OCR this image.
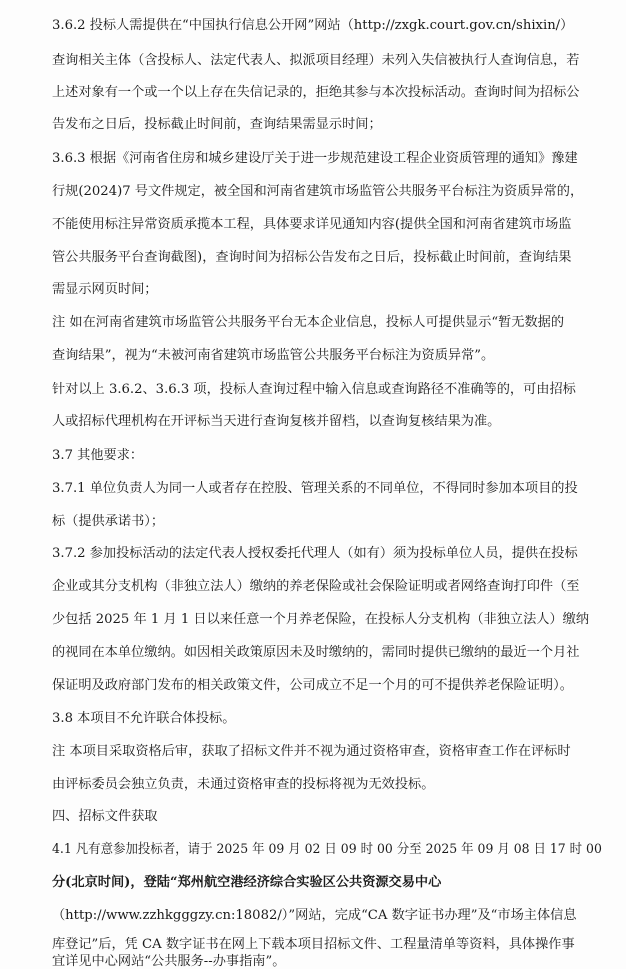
3.6.2 投标人需提供在“中国执行信息公开网”网站（http://zxgk.court.gov.cn/shixin/）
查询相关主体（含投标人、法定代表人、拟派项目经理）未列入失信被执行人查询信息，若
上述对象有一个或一个以上存在失信记录的，拒绝其参与本次投标活动。查询时间为招标公
告发布之日后，投标截止时间前，查询结果需显示时间；
3.6.3 根据《河南省住房和城乡建设厅关于进一步规范建设工程企业资质管理的通知》豫建
行规(2024)7 号文件规定，被全国和河南省建筑市场监管公共服务平台标注为资质异常的，
不能使用标注异常资质承揽本工程，具体要求详见通知内容(提供全国和河南省建筑市场监
管公共服务平台查询截图)，查询时间为招标公告发布之日后，投标截止时间前，查询结果
需显示网页时间；
注 如在河南省建筑市场监管公共服务平台无本企业信息，投标人可提供显示“暂无数据的
查询结果”，视为“未被河南省建筑市场监管公共服务平台标注为资质异常”。
针对以上 3.6.2、3.6.3 项，投标人查询过程中输入信息或查询路径不准确等的，可由招标
人或招标代理机构在开评标当天进行查询复核并留档，以查询复核结果为准。
3.7 其他要求：
3.7.1 单位负责人为同一人或者存在控股、管理关系的不同单位，不得同时参加本项目的投
标（提供承诺书）；
3.7.2 参加投标活动的法定代表人授权委托代理人（如有）须为投标单位人员，提供在投标
企业或其分支机构（非独立法人）缴纳的养老保险或社会保险证明或者网络查询打印件（至
少包括 2025 年 1 月 1 日以来任意一个月养老保险，在投标人分支机构（非独立法人）缴纳
的视同在本单位缴纳。如因相关政策原因未及时缴纳的，需同时提供已缴纳的最近一个月社
保证明及政府部门发布的相关政策文件，公司成立不足一个月的可不提供养老保险证明）。
3.8 本项目不允许联合体投标。
注 本项目采取资格后审，获取了招标文件并不视为通过资格审查，资格审查工作在评标时
由评标委员会独立负责，未通过资格审查的投标将视为无效投标。
四、招标文件获取
4.1 凡有意参加投标者，请于 2025 年 09 月 02 日 09 时 00 分至 2025 年 09 月 08 日 17 时 00
分(北京时间)，登陆“郑州航空港经济综合实验区公共资源交易中心
（http://www.zzhkgggzy.cn:18082/）”网站，完成“CA 数字证书办理”及“市场主体信息
库登记”后，凭 CA 数字证书在网上下载本项目招标文件、工程量清单等资料，具体操作事
宜详见中心网站“公共服务--办事指南”。
